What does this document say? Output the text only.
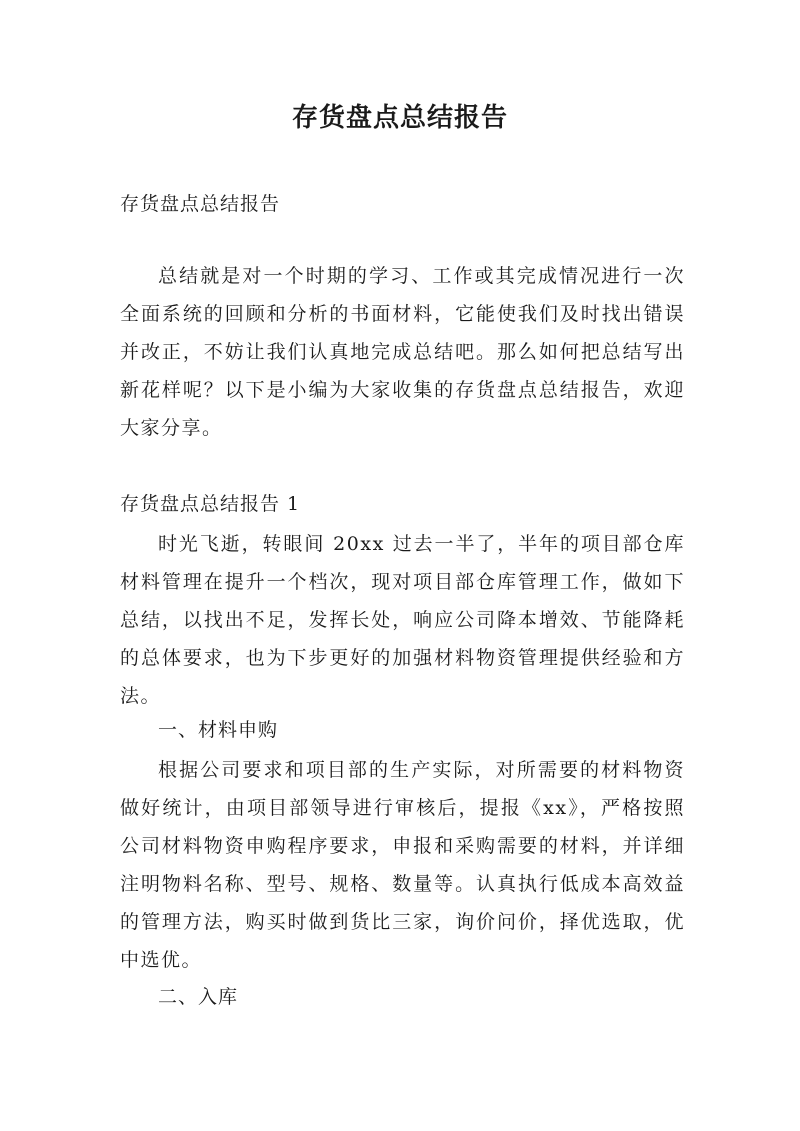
存货盘点总结报告
存货盘点总结报告

总结就是对一个时期的学习、工作或其完成情况进行一次全面系统的回顾和分析的书面材料，它能使我们及时找出错误并改正，不妨让我们认真地完成总结吧。那么如何把总结写出新花样呢？以下是小编为大家收集的存货盘点总结报告，欢迎大家分享。

存货盘点总结报告 1

时光飞逝，转眼间 20xx 过去一半了，半年的项目部仓库材料管理在提升一个档次，现对项目部仓库管理工作，做如下总结，以找出不足，发挥长处，响应公司降本增效、节能降耗的总体要求，也为下步更好的加强材料物资管理提供经验和方法。

一、材料申购

根据公司要求和项目部的生产实际，对所需要的材料物资做好统计，由项目部领导进行审核后，提报《xx》，严格按照公司材料物资申购程序要求，申报和采购需要的材料，并详细注明物料名称、型号、规格、数量等。认真执行低成本高效益的管理方法，购买时做到货比三家，询价问价，择优选取，优中选优。

二、入库
